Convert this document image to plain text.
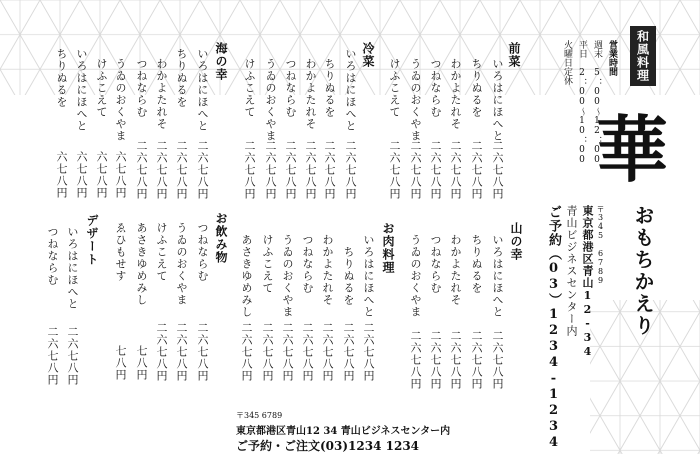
和風料理
華
おもちかえり
営業時間
週末 5：00〜12：00
平日 2：00〜10：00
火曜日定休
〒345 6789
東京都港区青山12-34
青山ビジネスセンター内
ご予約（03）1234-1234
前菜
いろはにほへと
ちりぬるを
わかよたれそ
つねならむ
うゐのおくやま
けふこえて
二六七八円
二六七八円
二六七八円
二六七八円
二六七八円
二六七八円
冷菜
いろはにほへと
ちりぬるを
わかよたれそ
つねならむ
うゐのおくやま
けふこえて
二六七八円
二六七八円
二六七八円
二六七八円
二六七八円
二六七八円
海の幸
いろはにほへと
ちりぬるを
わかよたれそ
つねならむ
うゐのおくやま
けふこえて
いろはにほへと
ちりぬるを
二六七八円
二六七八円
二六七八円
二六七八円
六七八円
六七八円
六七八円
六七八円
山の幸
いろはにほへと
ちりぬるを
わかよたれそ
つねならむ
うゐのおくやま
二六七八円
二六七八円
二六七八円
二六七八円
二六七八円
お肉料理
いろはにほへと
ちりぬるを
わかよたれそ
つねならむ
うゐのおくやま
けふこえて
あさきゆめみし
二六七八円
二六七八円
二六七八円
二六七八円
二六七八円
二六七八円
二六七八円
お飲み物
つねならむ
うゐのおくやま
けふこえて
あさきゆめみし
ゑひもせす
二六七八円
二六七八円
二六七八円
七八円
七八円
デザート
いろはにほへと
つねならむ
二六七八円
二六七八円
〒345 6789
東京都港区青山12 34 青山ビジネスセンター内
ご予約・ご注文(03)1234 1234
